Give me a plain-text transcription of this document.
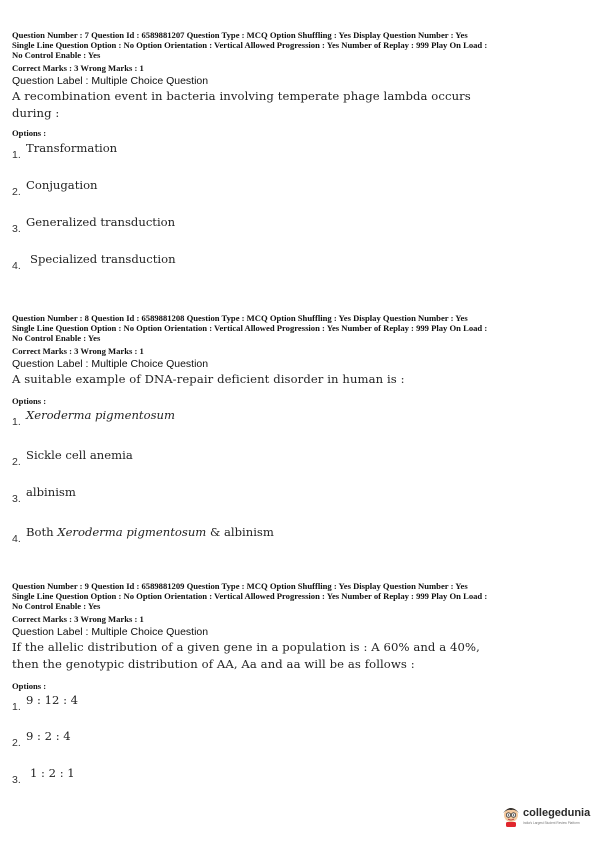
Question Number : 7 Question Id : 6589881207 Question Type : MCQ Option Shuffling : Yes Display Question Number : Yes
Single Line Question Option : No Option Orientation : Vertical Allowed Progression : Yes Number of Replay : 999 Play On Load :
No Control Enable : Yes

Correct Marks : 3 Wrong Marks : 1
Question Label : Multiple Choice Question
A recombination event in bacteria involving temperate phage lambda occurs
during :
Options :
1. Transformation
2. Conjugation
3. Generalized transduction
4. Specialized transduction

Question Number : 8 Question Id : 6589881208 Question Type : MCQ Option Shuffling : Yes Display Question Number : Yes
Single Line Question Option : No Option Orientation : Vertical Allowed Progression : Yes Number of Replay : 999 Play On Load :
No Control Enable : Yes

Correct Marks : 3 Wrong Marks : 1
Question Label : Multiple Choice Question
A suitable example of DNA-repair deficient disorder in human is :
Options :
1. Xeroderma pigmentosum
2. Sickle cell anemia
3. albinism
4. Both Xeroderma pigmentosum & albinism

Question Number : 9 Question Id : 6589881209 Question Type : MCQ Option Shuffling : Yes Display Question Number : Yes
Single Line Question Option : No Option Orientation : Vertical Allowed Progression : Yes Number of Replay : 999 Play On Load :
No Control Enable : Yes

Correct Marks : 3 Wrong Marks : 1
Question Label : Multiple Choice Question
If the allelic distribution of a given gene in a population is : A 60% and a 40%,
then the genotypic distribution of AA, Aa and aa will be as follows :
Options :
1. 9 : 12 : 4
2. 9 : 2 : 4
3. 1 : 2 : 1
collegedunia
India's Largest Student Review Platform
